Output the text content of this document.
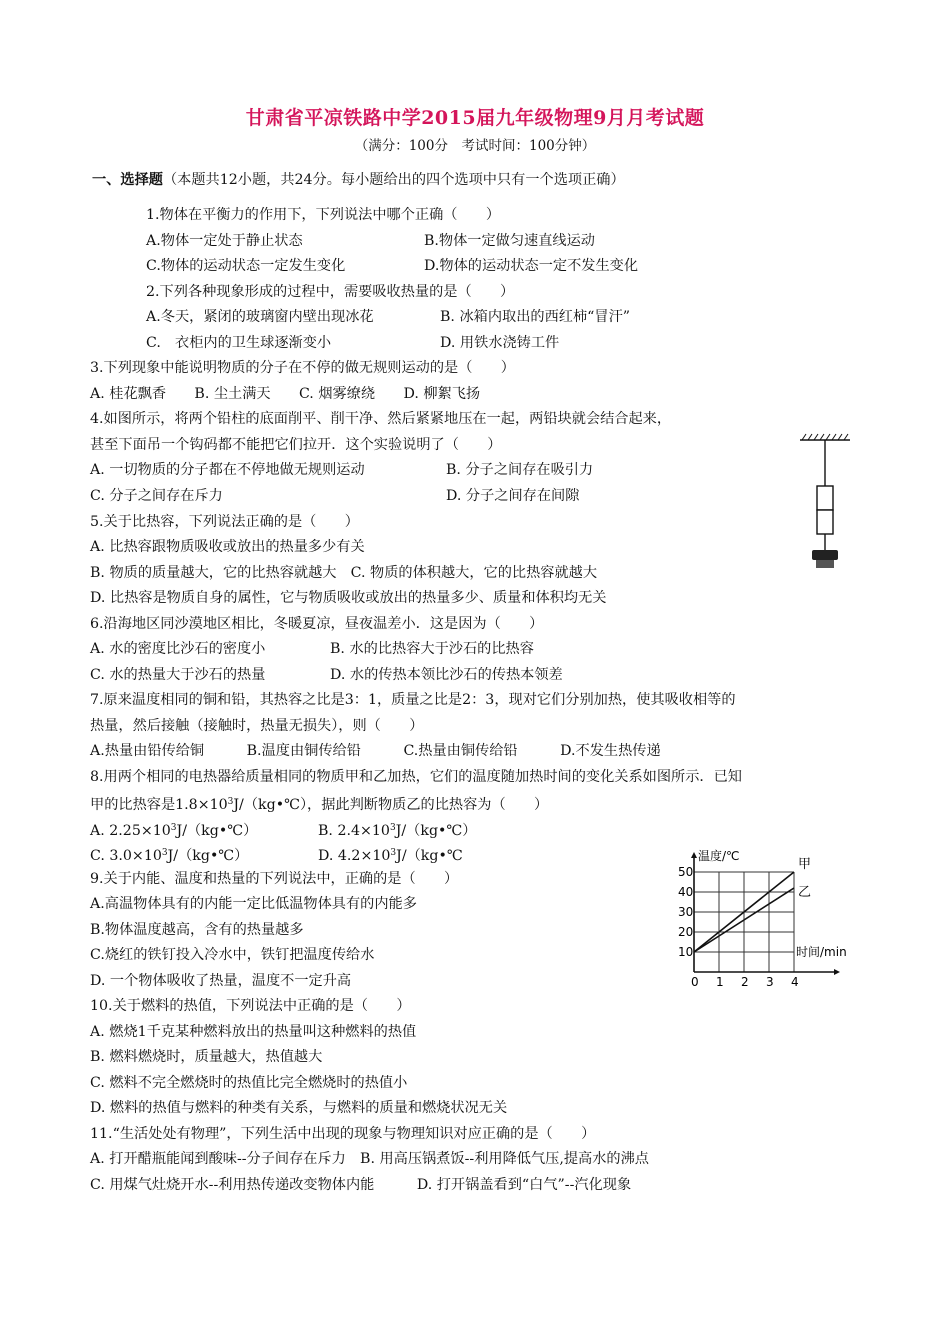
甘肃省平凉铁路中学2015届九年级物理9月月考试题
（满分：100分　考试时间：100分钟）
一、选择题（本题共12小题，共24分。每小题给出的四个选项中只有一个选项正确）
1.物体在平衡力的作用下，下列说法中哪个正确（　　）
A.物体一定处于静止状态	B.物体一定做匀速直线运动
C.物体的运动状态一定发生变化	D.物体的运动状态一定不发生变化
2.下列各种现象形成的过程中，需要吸收热量的是（　　）
A.冬天，紧闭的玻璃窗内壁出现冰花	B. 冰箱内取出的西红柿“冒汗”
C.　衣柜内的卫生球逐渐变小	D. 用铁水浇铸工件
3.下列现象中能说明物质的分子在不停的做无规则运动的是（　　）
A. 桂花飘香　　B. 尘土满天　　C. 烟雾缭绕　　D. 柳絮飞扬
4.如图所示，将两个铅柱的底面削平、削干净、然后紧紧地压在一起，两铅块就会结合起来，
甚至下面吊一个钩码都不能把它们拉开．这个实验说明了（　　）
A. 一切物质的分子都在不停地做无规则运动	B. 分子之间存在吸引力
C. 分子之间存在斥力	D. 分子之间存在间隙
5.关于比热容，下列说法正确的是（　　）
A. 比热容跟物质吸收或放出的热量多少有关
B. 物质的质量越大，它的比热容就越大　C. 物质的体积越大，它的比热容就越大
D. 比热容是物质自身的属性，它与物质吸收或放出的热量多少、质量和体积均无关
6.沿海地区同沙漠地区相比，冬暖夏凉，昼夜温差小．这是因为（　　）
A. 水的密度比沙石的密度小	B. 水的比热容大于沙石的比热容
C. 水的热量大于沙石的热量	D. 水的传热本领比沙石的传热本领差
7.原来温度相同的铜和铅，其热容之比是3：1，质量之比是2：3，现对它们分别加热，使其吸收相等的
热量，然后接触（接触时，热量无损失），则（　　）
A.热量由铅传给铜　　　B.温度由铜传给铅　　　C.热量由铜传给铅　　　D.不发生热传递
8.用两个相同的电热器给质量相同的物质甲和乙加热，它们的温度随加热时间的变化关系如图所示．已知
甲的比热容是$1.8\times 10^3J/(kg•℃)$，据此判断物质乙的比热容为（　　）
A. $2.25\times 10^3J/(kg•℃)$	B. $2.4\times 10^3J/(kg•℃)$
C. $3.0\times 10^3J/(kg•℃)$	D. $4.2\times 10^3J/(kg•℃$	温度/℃
时间/min
0 1 2 3 4
10
20
30
40
50	甲
乙
9.关于内能、温度和热量的下列说法中，正确的是（　　）
A.高温物体具有的内能一定比低温物体具有的内能多
B.物体温度越高，含有的热量越多
C.烧红的铁钉投入冷水中，铁钉把温度传给水
D. 一个物体吸收了热量，温度不一定升高
10.关于燃料的热值，下列说法中正确的是（　　）
A. 燃烧1千克某种燃料放出的热量叫这种燃料的热值
B. 燃料燃烧时，质量越大，热值越大
C. 燃料不完全燃烧时的热值比完全燃烧时的热值小
D. 燃料的热值与燃料的种类有关系，与燃料的质量和燃烧状况无关
11.“生活处处有物理”，下列生活中出现的现象与物理知识对应正确的是（　　）
A. 打开醋瓶能闻到酸味--分子间存在斥力　B. 用高压锅煮饭--利用降低气压,提高水的沸点
C. 用煤气灶烧开水--利用热传递改变物体内能　　　D. 打开锅盖看到“白气”--汽化现象
